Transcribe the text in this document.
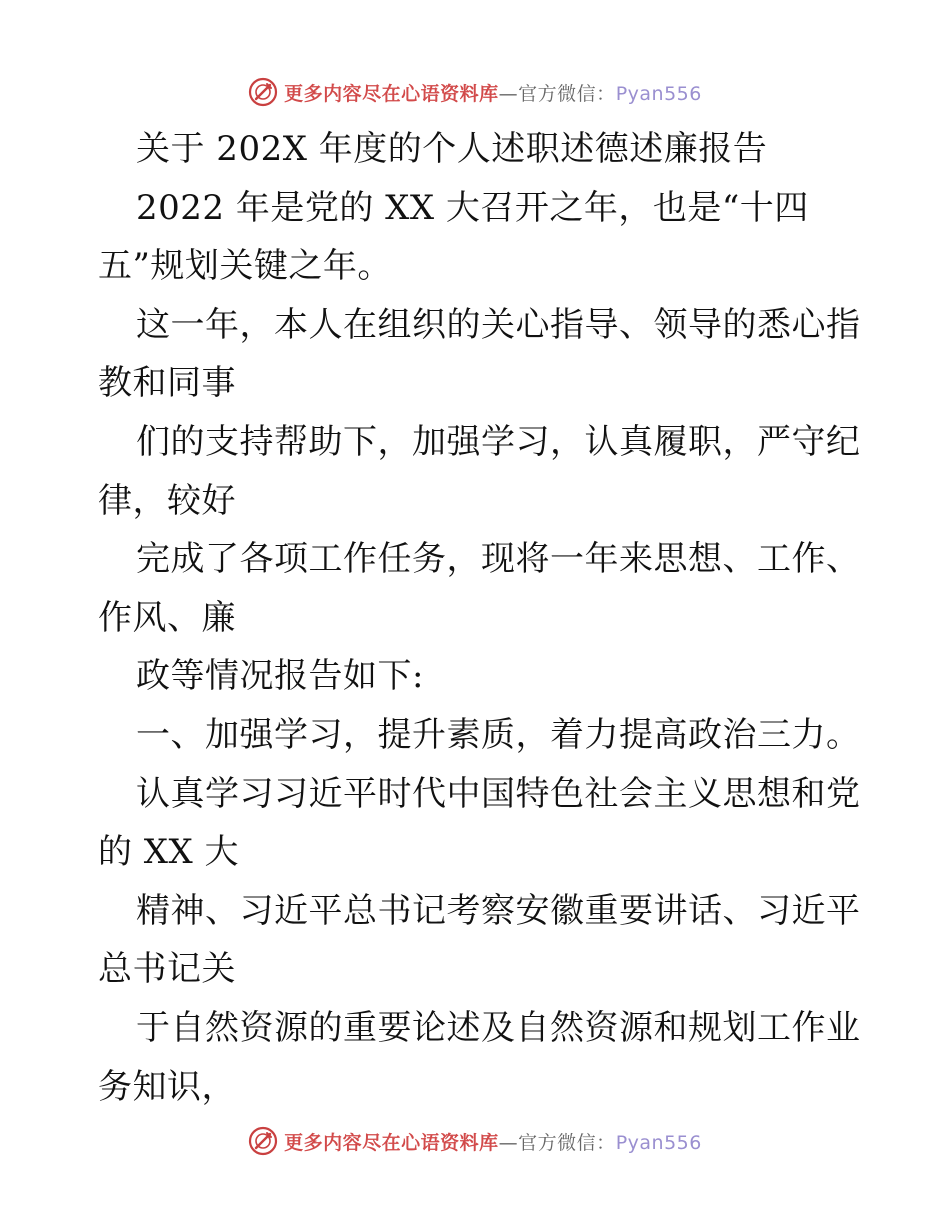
更多内容尽在心语资料库—官方微信：Pyan556
关于 202X 年度的个人述职述德述廉报告
2022 年是党的 XX 大召开之年，也是“十四
五”规划关键之年。
这一年，本人在组织的关心指导、领导的悉心指
教和同事
们的支持帮助下，加强学习，认真履职，严守纪
律，较好
完成了各项工作任务，现将一年来思想、工作、
作风、廉
政等情况报告如下:
一、加强学习，提升素质，着力提高政治三力。
认真学习习近平时代中国特色社会主义思想和党
的 XX 大
精神、习近平总书记考察安徽重要讲话、习近平
总书记关
于自然资源的重要论述及自然资源和规划工作业
务知识，
更多内容尽在心语资料库—官方微信：Pyan556
